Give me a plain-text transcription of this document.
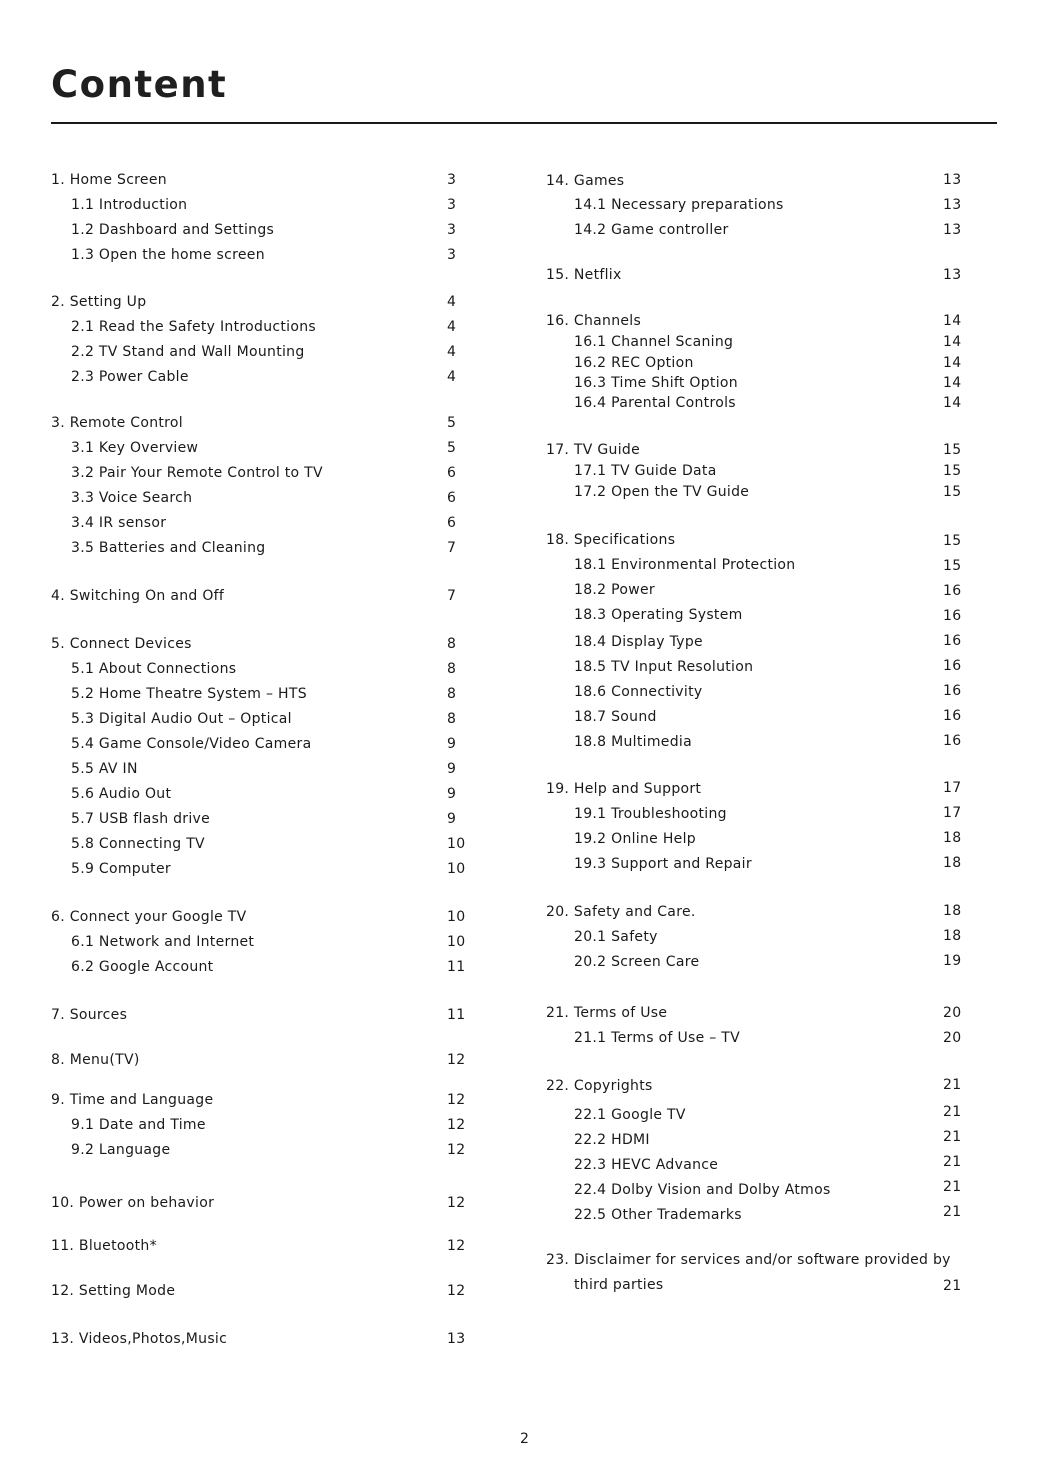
Content
1. Home Screen	3
1.1 Introduction	3
1.2 Dashboard and Settings	3
1.3 Open the home screen	3
2. Setting Up	4
2.1 Read the Safety Introductions	4
2.2 TV Stand and Wall Mounting	4
2.3 Power Cable	4
3. Remote Control	5
3.1 Key Overview	5
3.2 Pair Your Remote Control to TV	6
3.3 Voice Search	6
3.4 IR sensor	6
3.5 Batteries and Cleaning	7
4. Switching On and Off	7
5. Connect Devices	8
5.1 About Connections	8
5.2 Home Theatre System – HTS	8
5.3 Digital Audio Out – Optical	8
5.4 Game Console/Video Camera	9
5.5 AV IN	9
5.6 Audio Out	9
5.7 USB flash drive	9
5.8 Connecting TV	10
5.9 Computer	10
6. Connect your Google TV	10
6.1 Network and Internet	10
6.2 Google Account	11
7. Sources	11
8. Menu(TV)	12
9. Time and Language	12
9.1 Date and Time	12
9.2 Language	12
10. Power on behavior	12
11. Bluetooth*	12
12. Setting Mode	12
13. Videos,Photos,Music	13
14. Games	13
14.1 Necessary preparations	13
14.2 Game controller	13
15. Netflix	13
16. Channels	14
16.1 Channel Scaning	14
16.2 REC Option	14
16.3 Time Shift Option	14
16.4 Parental Controls	14
17. TV Guide	15
17.1 TV Guide Data	15
17.2 Open the TV Guide	15
18. Specifications	15
18.1 Environmental Protection	15
18.2 Power	16
18.3 Operating System	16
18.4 Display Type	16
18.5 TV Input Resolution	16
18.6 Connectivity	16
18.7 Sound	16
18.8 Multimedia	16
19. Help and Support	17
19.1 Troubleshooting	17
19.2 Online Help	18
19.3 Support and Repair	18
20. Safety and Care.	18
20.1 Safety	18
20.2 Screen Care	19
21. Terms of Use	20
21.1 Terms of Use – TV	20
22. Copyrights	21
22.1 Google TV	21
22.2 HDMI	21
22.3 HEVC Advance	21
22.4 Dolby Vision and Dolby Atmos	21
22.5 Other Trademarks	21
23. Disclaimer for services and/or software provided by
third parties	21
2
